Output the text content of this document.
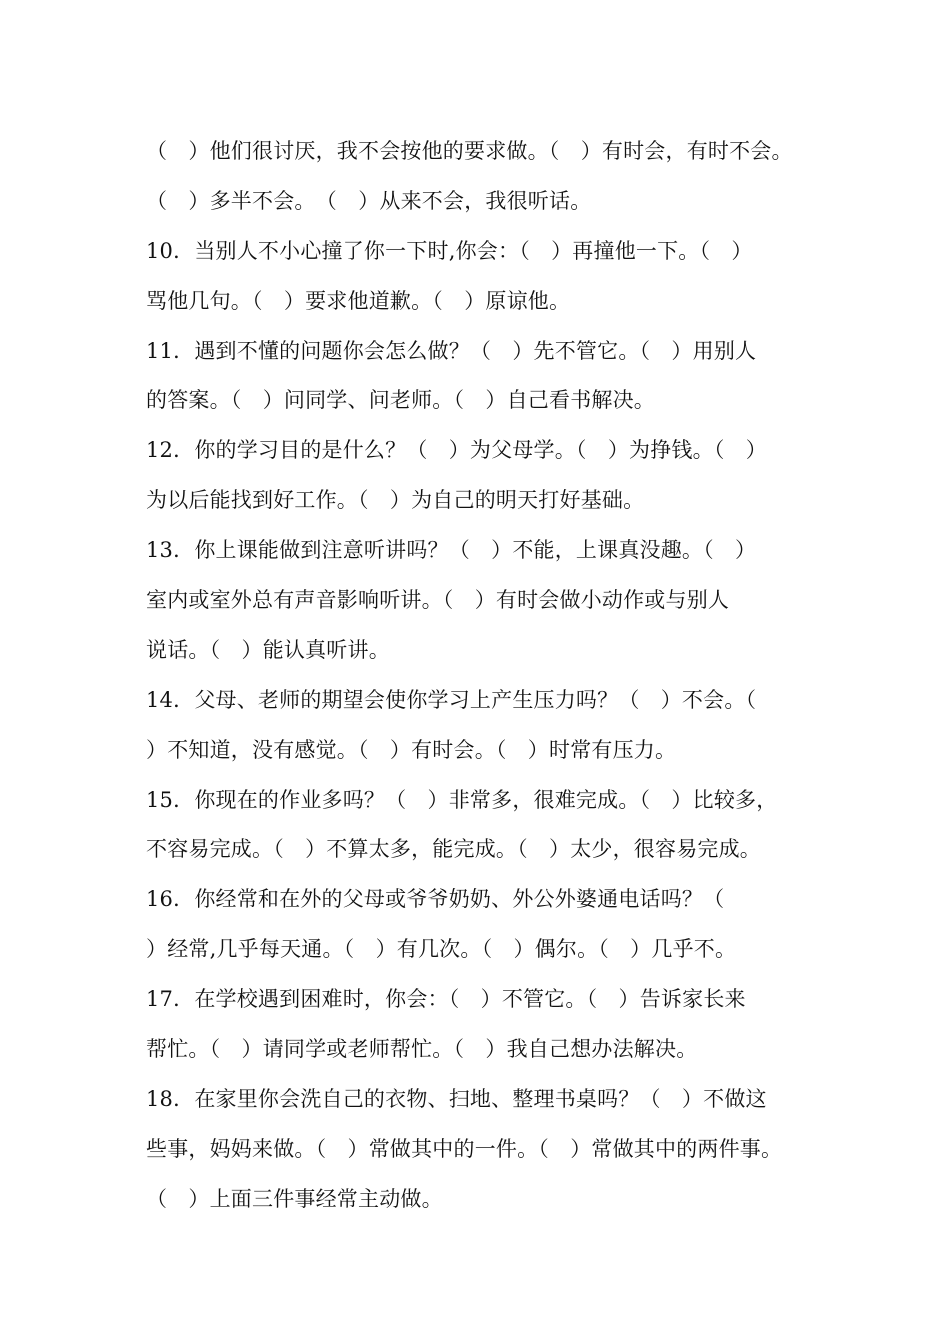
（　）他们很讨厌，我不会按他的要求做。（　）有时会，有时不会。
（　）多半不会。　（　）从来不会，我很听话。
10．当别人不小心撞了你一下时,你会：（　）再撞他一下。（　）
骂他几句。（　）要求他道歉。（　）原谅他。
11．遇到不懂的问题你会怎么做？（　）先不管它。（　）用别人
的答案。（　）问同学、问老师。（　）自己看书解决。
12．你的学习目的是什么？（　）为父母学。（　）为挣钱。（　）
为以后能找到好工作。（　）为自己的明天打好基础。
13．你上课能做到注意听讲吗？（　）不能，上课真没趣。（　）
室内或室外总有声音影响听讲。（　）有时会做小动作或与别人
说话。（　）能认真听讲。
14．父母、老师的期望会使你学习上产生压力吗？（　）不会。（
）不知道，没有感觉。（　）有时会。（　）时常有压力。
15．你现在的作业多吗？（　）非常多，很难完成。（　）比较多，
不容易完成。（　）不算太多，能完成。（　）太少，很容易完成。
16．你经常和在外的父母或爷爷奶奶、外公外婆通电话吗？（
）经常,几乎每天通。（　）有几次。（　）偶尔。（　）几乎不。
17．在学校遇到困难时，你会：（　）不管它。（　）告诉家长来
帮忙。（　）请同学或老师帮忙。（　）我自己想办法解决。
18．在家里你会洗自己的衣物、扫地、整理书桌吗？（　）不做这
些事，妈妈来做。（　）常做其中的一件。（　）常做其中的两件事。
（　）上面三件事经常主动做。
